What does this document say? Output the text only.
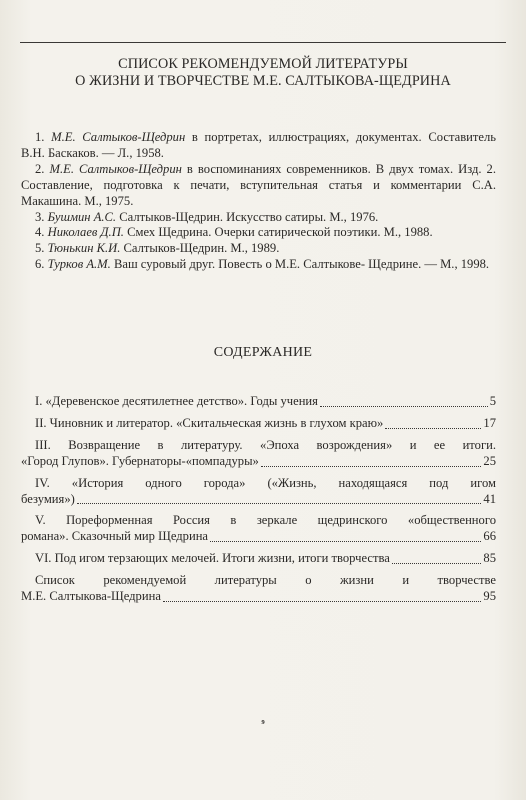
СПИСОК РЕКОМЕНДУЕМОЙ ЛИТЕРАТУРЫ
О ЖИЗНИ И ТВОРЧЕСТВЕ М.Е. САЛТЫКОВА-ЩЕДРИНА

1. М.Е. Салтыков-Щедрин в портретах, иллюстрациях, документах. Составитель В.Н. Баскаков. — Л., 1958.

2. М.Е. Салтыков-Щедрин в воспоминаниях современников. В двух томах. Изд. 2. Составление, подготовка к печати, вступительная статья и комментарии С.А. Макашина. М., 1975.

3. Бушмин А.С. Салтыков-Щедрин. Искусство сатиры. М., 1976.

4. Николаев Д.П. Смех Щедрина. Очерки сатирической поэтики. М., 1988.

5. Тюнькин К.И. Салтыков-Щедрин. М., 1989.

6. Турков А.М. Ваш суровый друг. Повесть о М.Е. Салтыкове- Щедрине. — М., 1998.

СОДЕРЖАНИЕ
I. «Деревенское десятилетнее детство». Годы учения	5
II. Чиновник и литератор. «Скитальческая жизнь в глухом краю»	17
III. Возвращение в литературу. «Эпоха возрождения» и ее итоги.
«Город Глупов». Губернаторы-«помпадуры»	25
IV. «История одного города» («Жизнь, находящаяся под игом
безумия»)	41
V. Пореформенная Россия в зеркале щедринского «общественного
романа». Сказочный мир Щедрина	66
VI. Под игом терзающих мелочей. Итоги жизни, итоги творчества	85
Список рекомендуемой литературы о жизни и творчестве
М.Е. Салтыкова-Щедрина	95
⁹
